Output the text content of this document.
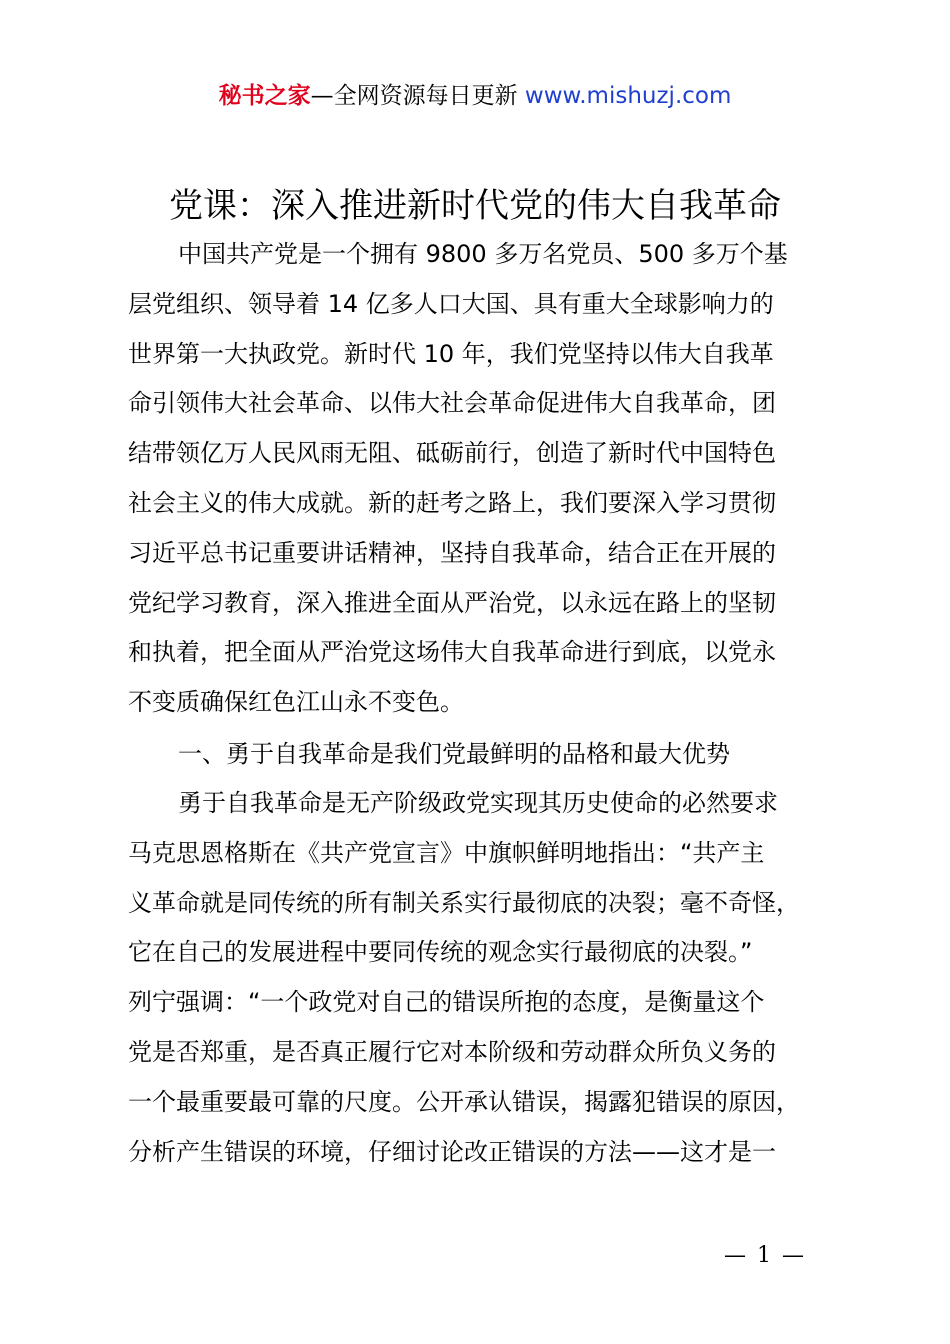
秘书之家—全网资源每日更新 www.mishuzj.com
党课：深入推进新时代党的伟大自我革命
中国共产党是一个拥有 9800 多万名党员、500 多万个基
层党组织、领导着 14 亿多人口大国、具有重大全球影响力的
世界第一大执政党。新时代 10 年，我们党坚持以伟大自我革
命引领伟大社会革命、以伟大社会革命促进伟大自我革命，团
结带领亿万人民风雨无阻、砥砺前行，创造了新时代中国特色
社会主义的伟大成就。新的赶考之路上，我们要深入学习贯彻
习近平总书记重要讲话精神，坚持自我革命，结合正在开展的
党纪学习教育，深入推进全面从严治党，以永远在路上的坚韧
和执着，把全面从严治党这场伟大自我革命进行到底，以党永
不变质确保红色江山永不变色。
一、勇于自我革命是我们党最鲜明的品格和最大优势
勇于自我革命是无产阶级政党实现其历史使命的必然要求
马克思恩格斯在《共产党宣言》中旗帜鲜明地指出：“共产主
义革命就是同传统的所有制关系实行最彻底的决裂；毫不奇怪，
它在自己的发展进程中要同传统的观念实行最彻底的决裂。”
列宁强调：“一个政党对自己的错误所抱的态度，是衡量这个
党是否郑重，是否真正履行它对本阶级和劳动群众所负义务的
一个最重要最可靠的尺度。公开承认错误，揭露犯错误的原因，
分析产生错误的环境，仔细讨论改正错误的方法——这才是一
— 1 —
